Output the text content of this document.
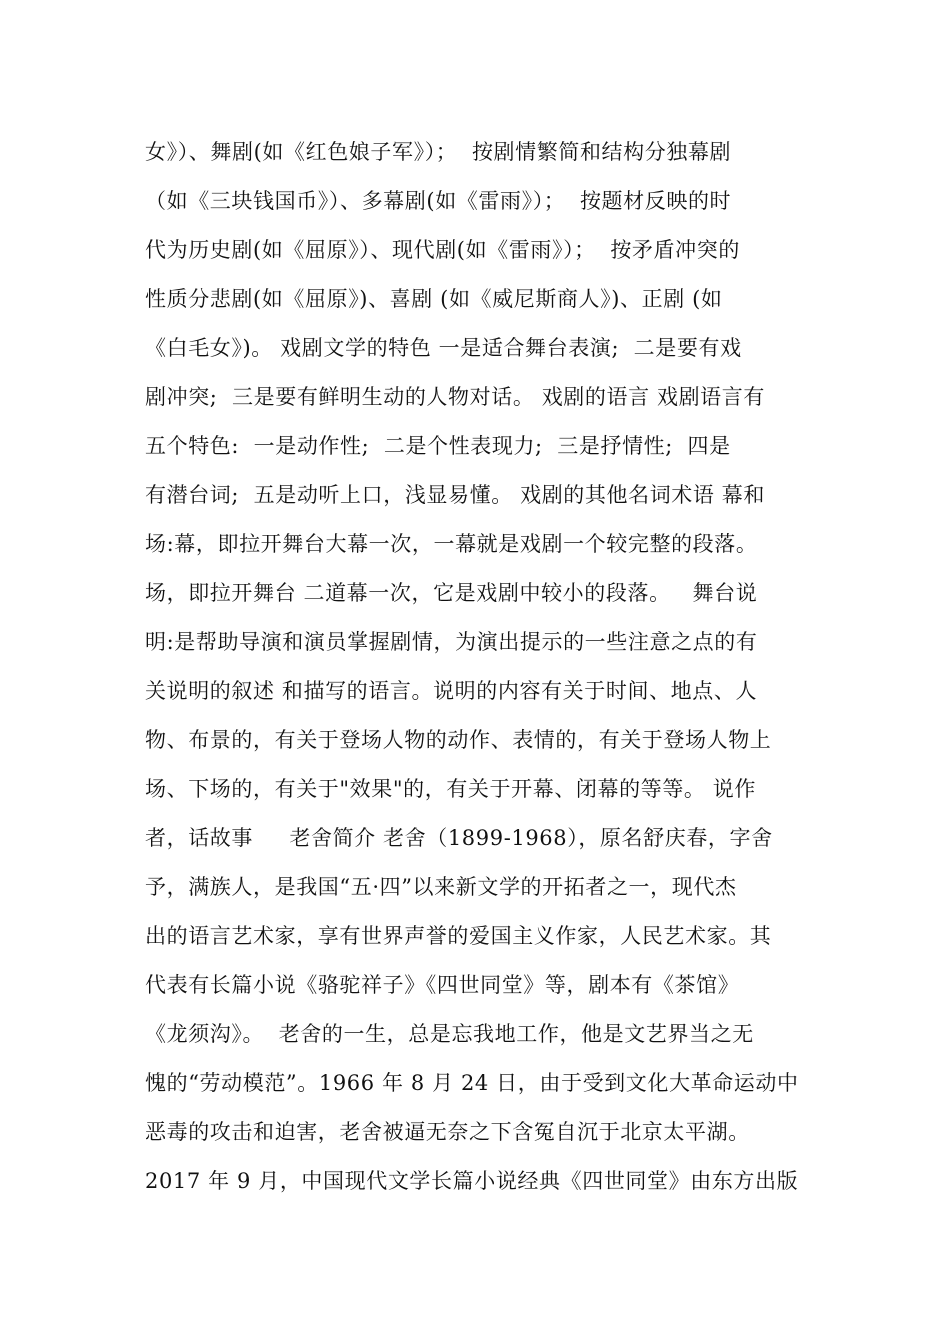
女》）、舞剧(如《红色娘子军》）；  按剧情繁简和结构分独幕剧
（如《三块钱国币》）、多幕剧(如《雷雨》）；  按题材反映的时
代为历史剧(如《屈原》）、现代剧(如《雷雨》）；  按矛盾冲突的
性质分悲剧(如《屈原》)、喜剧 (如《威尼斯商人》)、正剧 (如
《白毛女》)。 戏剧文学的特色 一是适合舞台表演;  二是要有戏
剧冲突;  三是要有鲜明生动的人物对话。 戏剧的语言 戏剧语言有
五个特色:  一是动作性;  二是个性表现力;  三是抒情性;  四是
有潜台词;  五是动听上口，浅显易懂。 戏剧的其他名词术语 幕和
场:幕，即拉开舞台大幕一次，一幕就是戏剧一个较完整的段落。
场，即拉开舞台 二道幕一次，它是戏剧中较小的段落。   舞台说
明:是帮助导演和演员掌握剧情，为演出提示的一些注意之点的有
关说明的叙述 和描写的语言。说明的内容有关于时间、地点、人
物、布景的，有关于登场人物的动作、表情的，有关于登场人物上
场、下场的，有关于"效果"的，有关于开幕、闭幕的等等。 说作
者，话故事     老舍简介 老舍（1899-1968），原名舒庆春，字舍
予，满族人，是我国“五·四”以来新文学的开拓者之一，现代杰
出的语言艺术家，享有世界声誉的爱国主义作家，人民艺术家。其
代表有长篇小说《骆驼祥子》《四世同堂》等，剧本有《茶馆》
《龙须沟》。  老舍的一生，总是忘我地工作，他是文艺界当之无
愧的“劳动模范”。1966 年 8 月 24 日，由于受到文化大革命运动中
恶毒的攻击和迫害，老舍被逼无奈之下含冤自沉于北京太平湖。
2017 年 9 月，中国现代文学长篇小说经典《四世同堂》由东方出版
